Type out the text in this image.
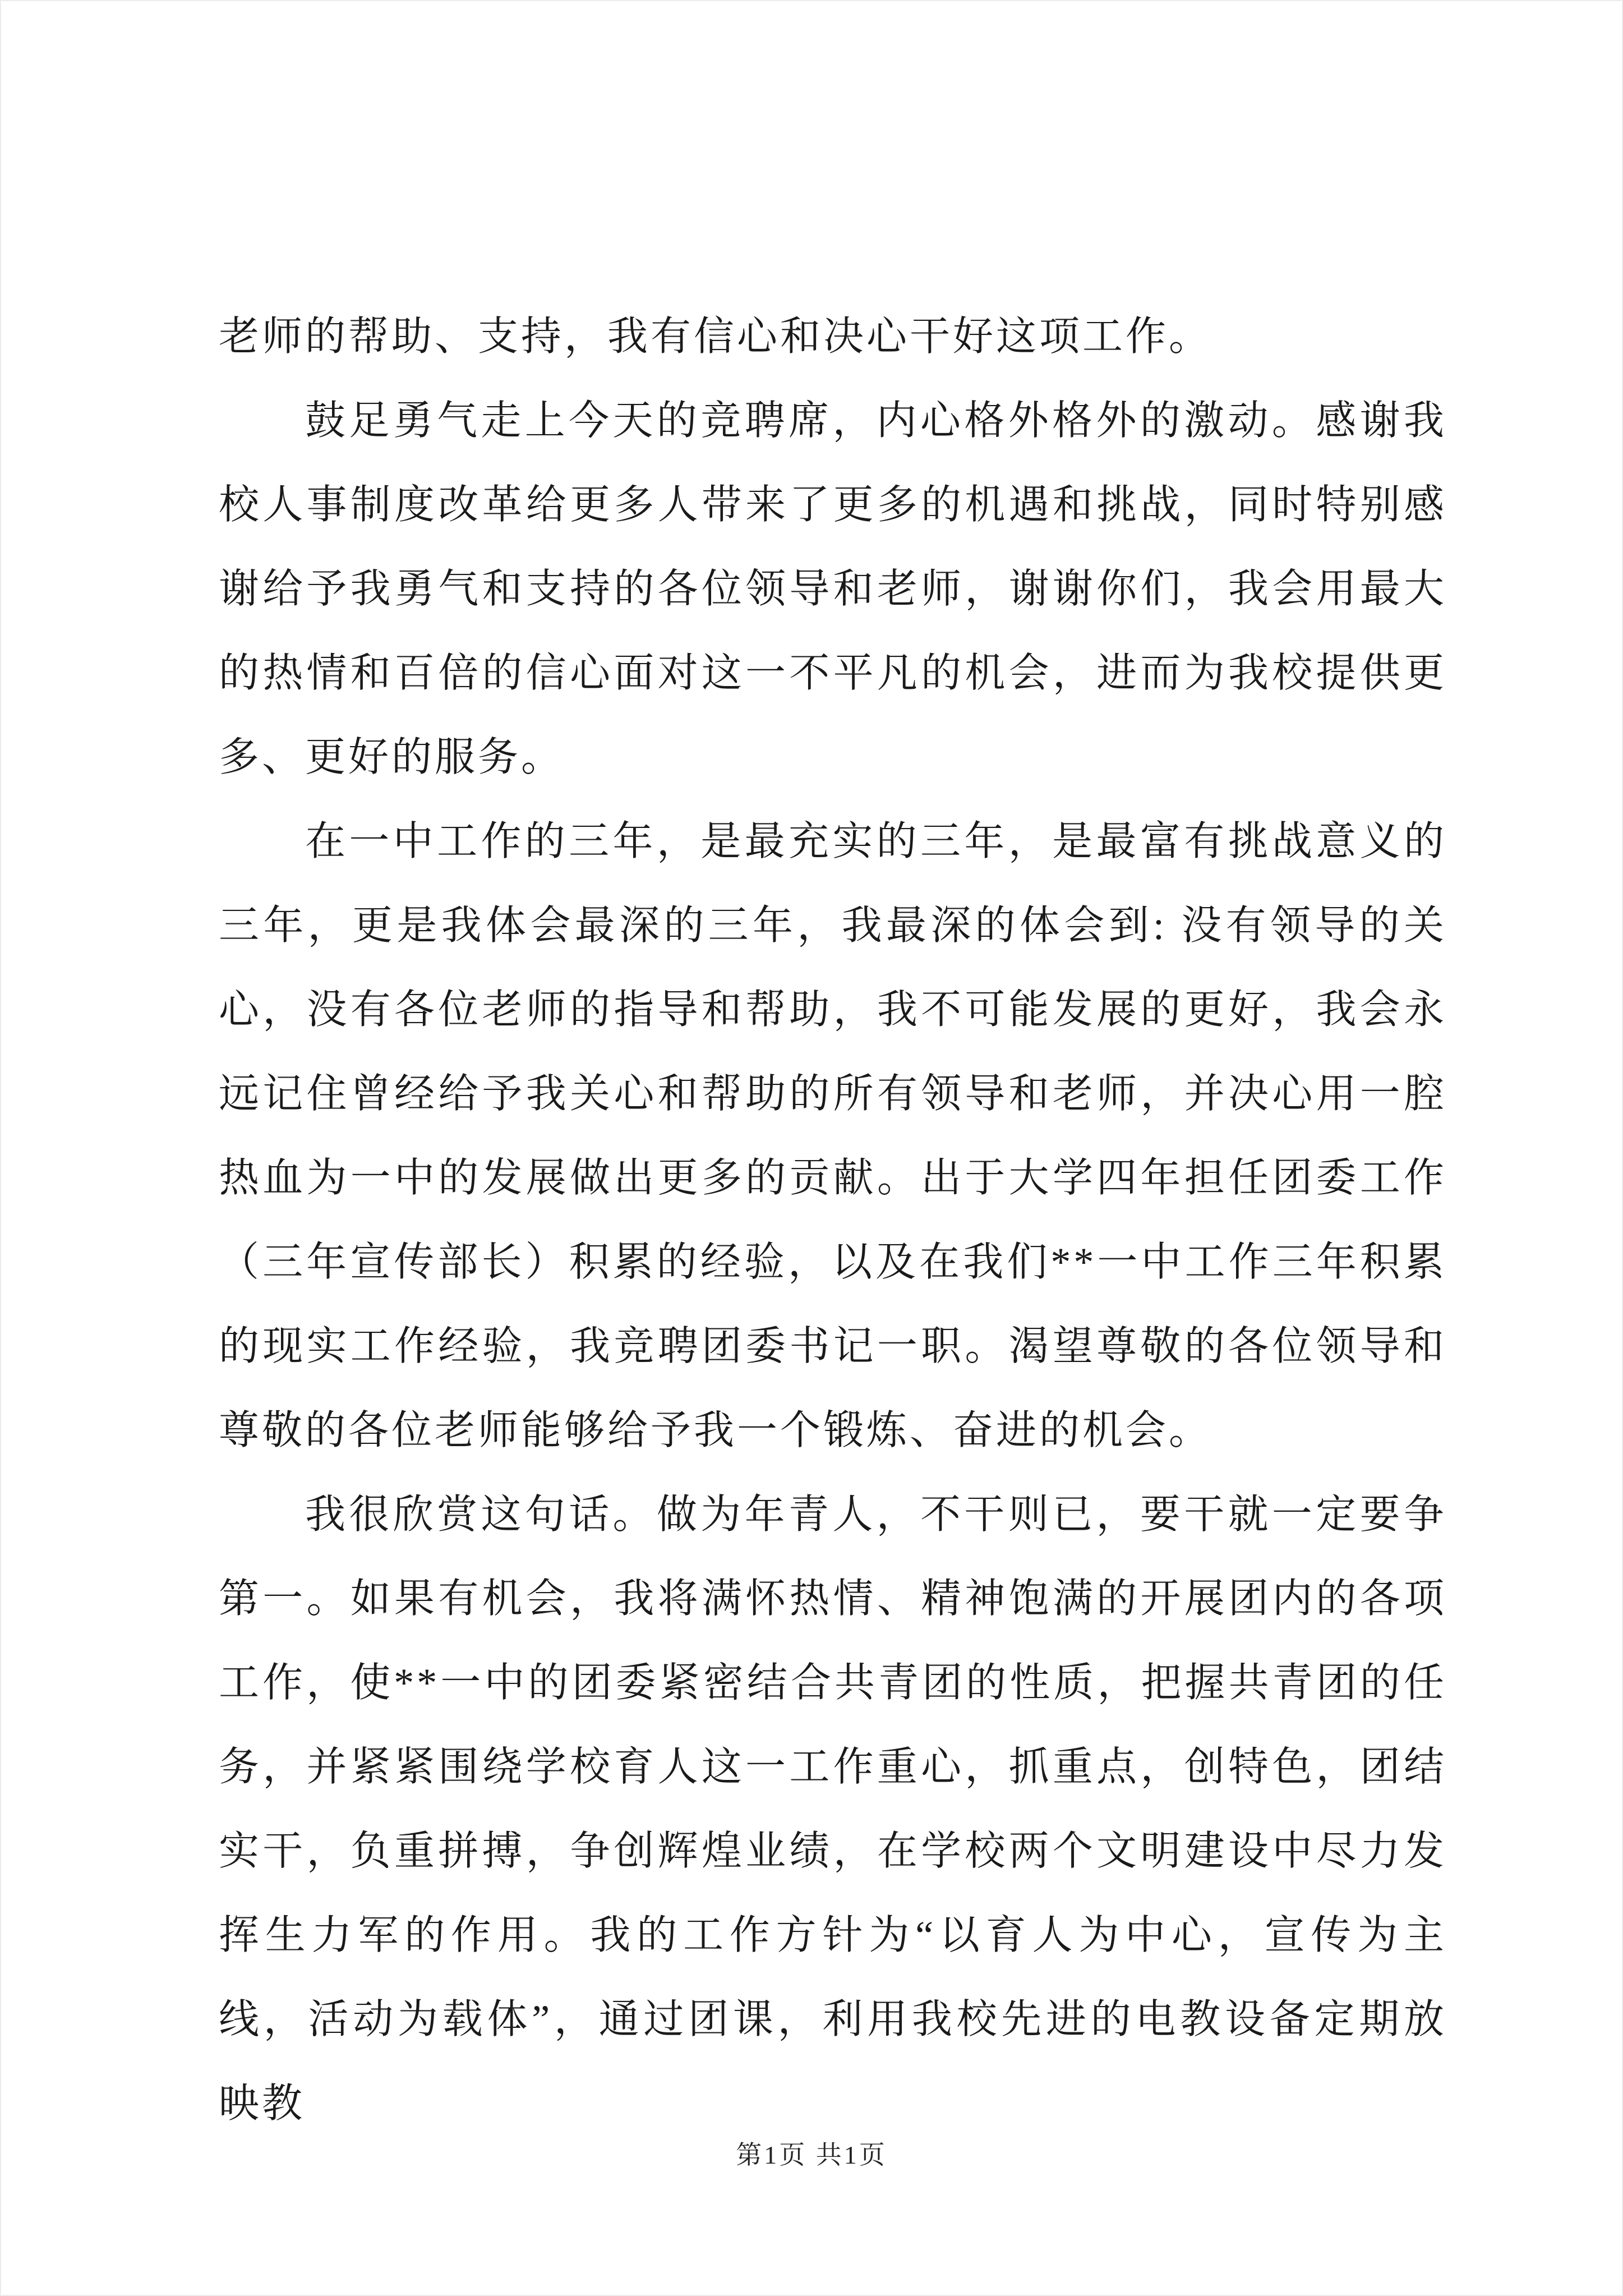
老师的帮助、支持，我有信心和决心干好这项工作。

鼓足勇气走上今天的竞聘席，内心格外格外的激动。感谢我校人事制度改革给更多人带来了更多的机遇和挑战，同时特别感谢给予我勇气和支持的各位领导和老师，谢谢你们，我会用最大的热情和百倍的信心面对这一不平凡的机会，进而为我校提供更多、更好的服务。

在一中工作的三年，是最充实的三年，是最富有挑战意义的三年，更是我体会最深的三年，我最深的体会到: 没有领导的关心，没有各位老师的指导和帮助，我不可能发展的更好，我会永远记住曾经给予我关心和帮助的所有领导和老师，并决心用一腔热血为一中的发展做出更多的贡献。出于大学四年担任团委工作（三年宣传部长）积累的经验，以及在我们**一中工作三年积累的现实工作经验，我竞聘团委书记一职。渴望尊敬的各位领导和尊敬的各位老师能够给予我一个锻炼、奋进的机会。

我很欣赏这句话。做为年青人，不干则已，要干就一定要争第一。如果有机会，我将满怀热情、精神饱满的开展团内的各项工作，使**一中的团委紧密结合共青团的性质，把握共青团的任务，并紧紧围绕学校育人这一工作重心，抓重点，创特色，团结实干，负重拼搏，争创辉煌业绩，在学校两个文明建设中尽力发挥生力军的作用。我的工作方针为“以育人为中心，宣传为主线，活动为载体”，通过团课，利用我校先进的电教设备定期放映教

第1页 共1页
